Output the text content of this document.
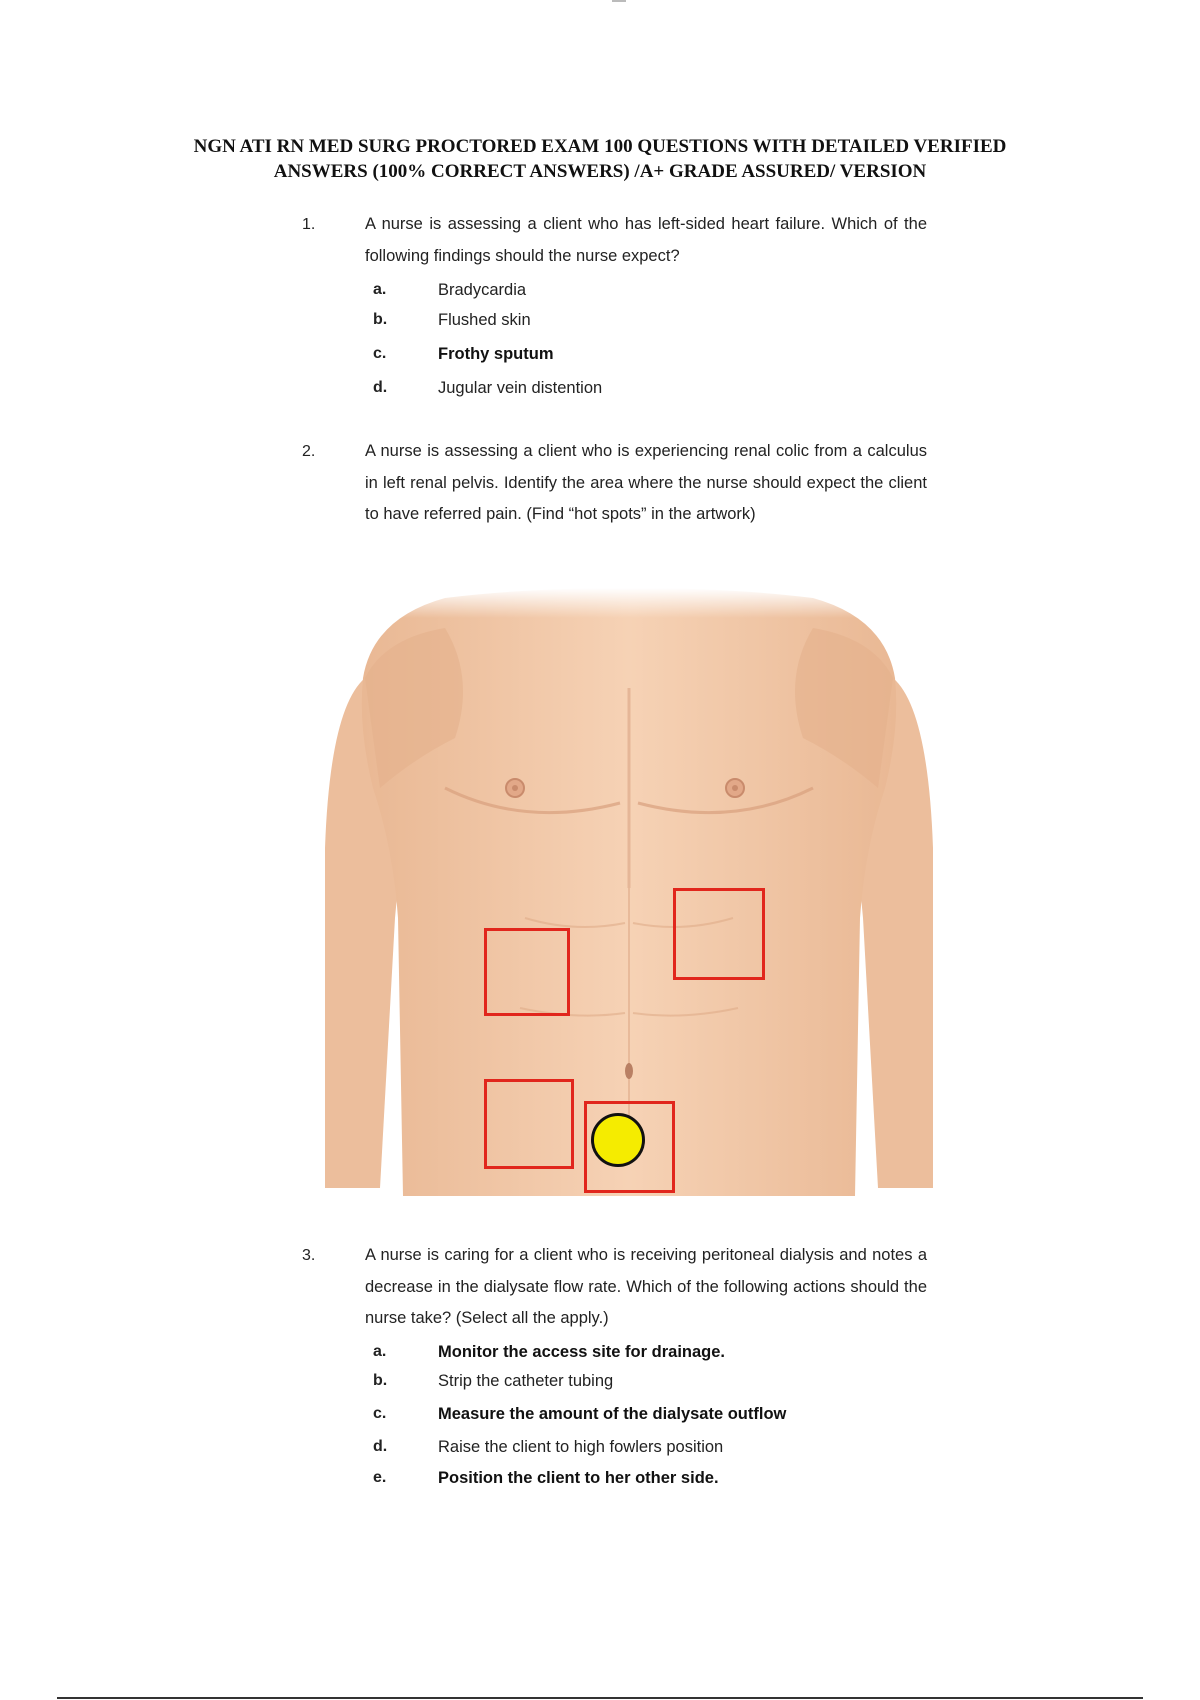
NGN ATI RN MED SURG PROCTORED EXAM 100 QUESTIONS WITH DETAILED VERIFIED
ANSWERS (100% CORRECT ANSWERS) /A+ GRADE ASSURED/ VERSION
1.	A nurse is assessing a client who has left-sided heart failure. Which of the following findings should the nurse expect?
a.	Bradycardia
b.	Flushed skin
c.	Frothy sputum
d.	Jugular vein distention
2.	A nurse is assessing a client who is experiencing renal colic from a calculus in left renal pelvis. Identify the area where the nurse should expect the client to have referred pain. (Find “hot spots” in the artwork)
3.	A nurse is caring for a client who is receiving peritoneal dialysis and notes a decrease in the dialysate flow rate. Which of the following actions should the nurse take? (Select all the apply.)
a.	Monitor the access site for drainage.
b.	Strip the catheter tubing
c.	Measure the amount of the dialysate outflow
d.	Raise the client to high fowlers position
e.	Position the client to her other side.
